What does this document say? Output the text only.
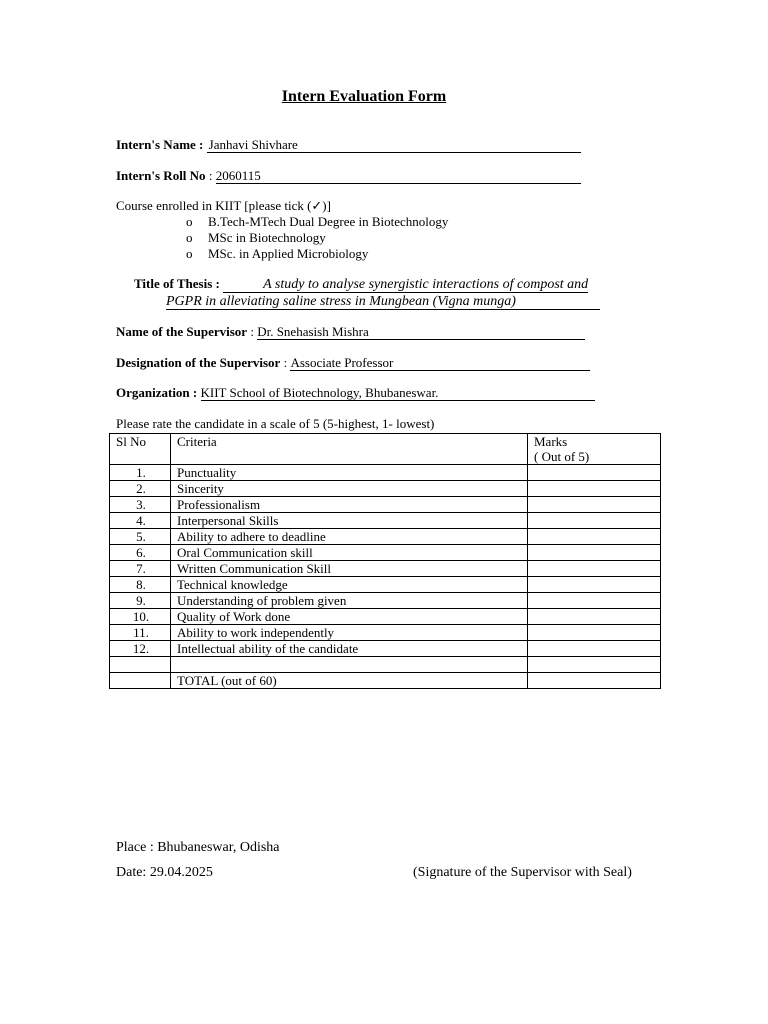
Intern Evaluation Form
Intern's Name : Janhavi Shivhare
Intern's Roll No : 2060115
Course enrolled in KIIT [please tick (✓)]
o B.Tech-MTech Dual Degree in Biotechnology
o MSc in Biotechnology
o MSc. in Applied Microbiology
Title of Thesis :	A study to analyse synergistic interactions of compost and
PGPR in alleviating saline stress in Mungbean (Vigna munga)
Name of the Supervisor : Dr. Snehasish Mishra
Designation of the Supervisor : Associate Professor
Organization : KIIT School of Biotechnology, Bhubaneswar.
Please rate the candidate in a scale of 5 (5-highest, 1- lowest)
Sl No	Criteria	Marks
( Out of 5)

1.	Punctuality	
2.	Sincerity	
3.	Professionalism	
4.	Interpersonal Skills	
5.	Ability to adhere to deadline	
6.	Oral Communication skill	
7.	Written Communication Skill	
8.	Technical knowledge	
9.	Understanding of problem given	
10.	Quality of Work done	
11.	Ability to work independently	
12.	Intellectual ability of the candidate	

	TOTAL (out of 60)	
Place : Bhubaneswar, Odisha
Date: 29.04.2025	(Signature of the Supervisor with Seal)
